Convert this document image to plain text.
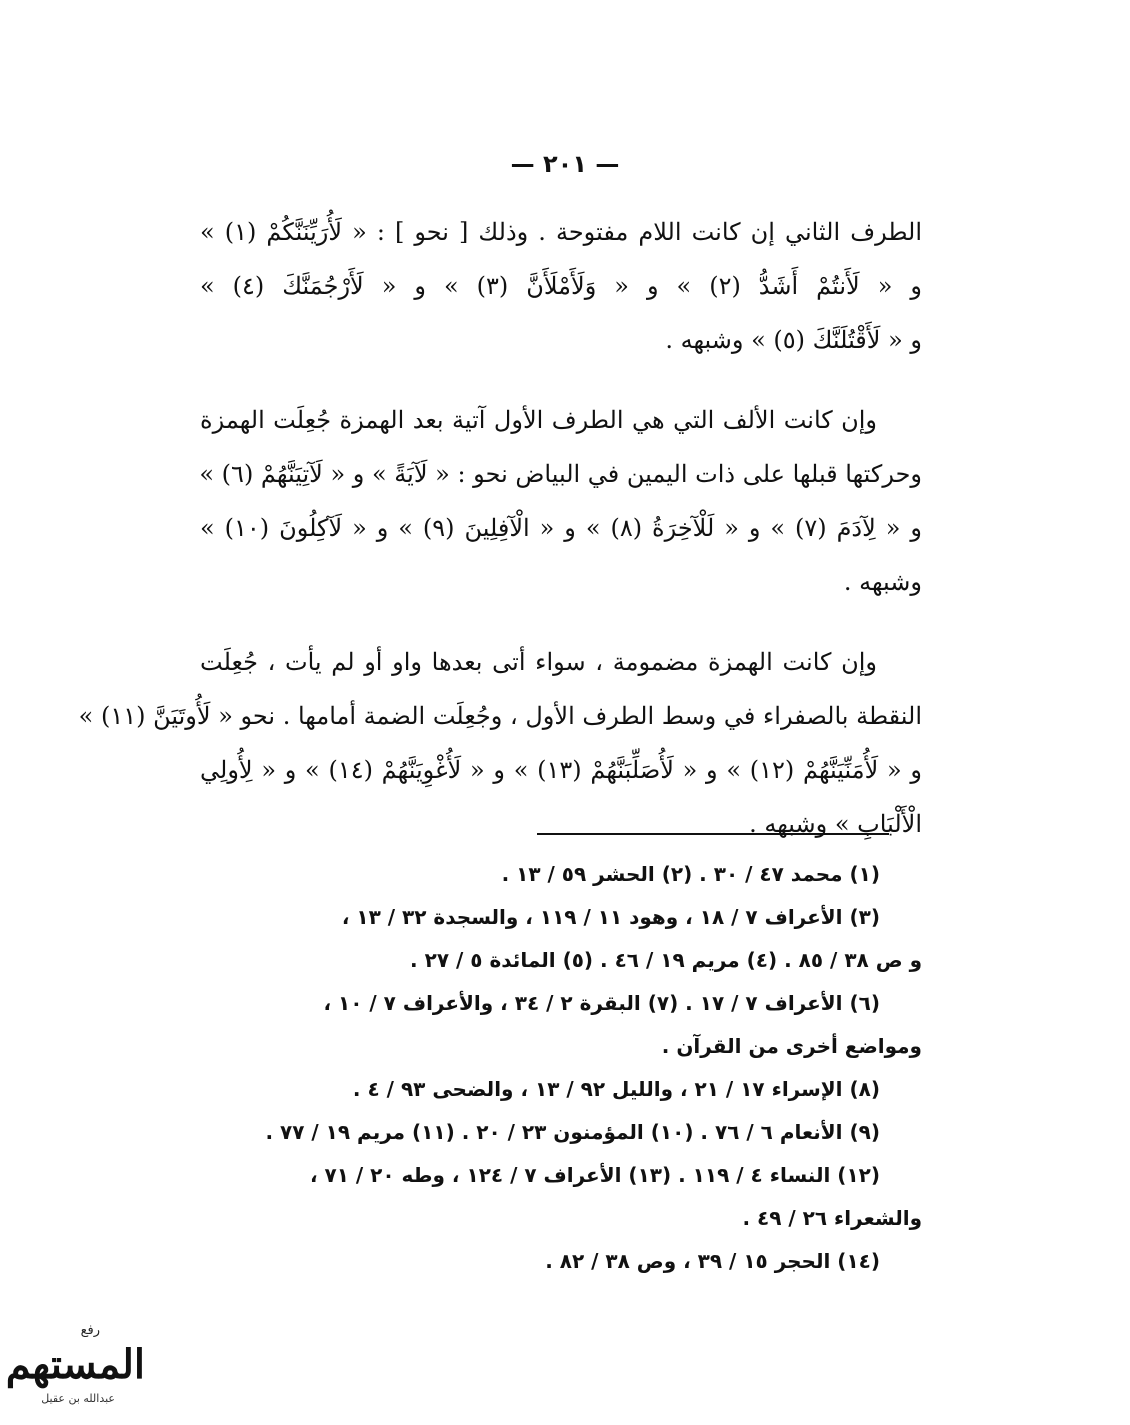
— ٢٠١ —
الطرف الثاني إن كانت اللام مفتوحة . وذلك [ نحو ] : « لَأُرَيِّنَنَّكُمْ (١) »
و « لَأَنتُمْ أَشَدُّ (٢) » و « وَلَأَمْلَأَنَّ (٣) » و « لَأَرْجُمَنَّكَ (٤) »
و « لَأَقْتُلَنَّكَ (٥) » وشبهه .
وإن كانت الألف التي هي الطرف الأول آتية بعد الهمزة جُعِلَت الهمزة
وحركتها قبلها على ذات اليمين في البياض نحو : « لَآيَةً » و « لَآتِيَنَّهُمْ (٦) »
و « لِآدَمَ (٧) » و « لَلْآخِرَةُ (٨) » و « الْآفِلِينَ (٩) » و « لَآكِلُونَ (١٠) »
وشبهه .
وإن كانت الهمزة مضمومة ، سواء أتى بعدها واو أو لم يأت ، جُعِلَت
النقطة بالصفراء في وسط الطرف الأول ، وجُعِلَت الضمة أمامها . نحو « لَأُوتَيَنَّ (١١) »
و « لَأُمَنِّيَنَّهُمْ (١٢) » و « لَأُصَلِّبَنَّهُمْ (١٣) » و « لَأُغْوِيَنَّهُمْ (١٤) » و « لِأُولِي
الْأَلْبَابِ » وشبهه .
(١) محمد ٤٧ / ٣٠ . (٢) الحشر ٥٩ / ١٣ .
(٣) الأعراف ٧ / ١٨ ، وهود ١١ / ١١٩ ، والسجدة ٣٢ / ١٣ ،
و ص ٣٨ / ٨٥ . (٤) مريم ١٩ / ٤٦ . (٥) المائدة ٥ / ٢٧ .
(٦) الأعراف ٧ / ١٧ . (٧) البقرة ٢ / ٣٤ ، والأعراف ٧ / ١٠ ،
ومواضع أخرى من القرآن .
(٨) الإسراء ١٧ / ٢١ ، والليل ٩٢ / ١٣ ، والضحى ٩٣ / ٤ .
(٩) الأنعام ٦ / ٧٦ . (١٠) المؤمنون ٢٣ / ٢٠ . (١١) مريم ١٩ / ٧٧ .
(١٢) النساء ٤ / ١١٩ . (١٣) الأعراف ٧ / ١٢٤ ، وطه ٢٠ / ٧١ ،
والشعراء ٢٦ / ٤٩ .
(١٤) الحجر ١٥ / ٣٩ ، وص ٣٨ / ٨٢ .
رفع
المستهم
عبدالله بن عقيل
